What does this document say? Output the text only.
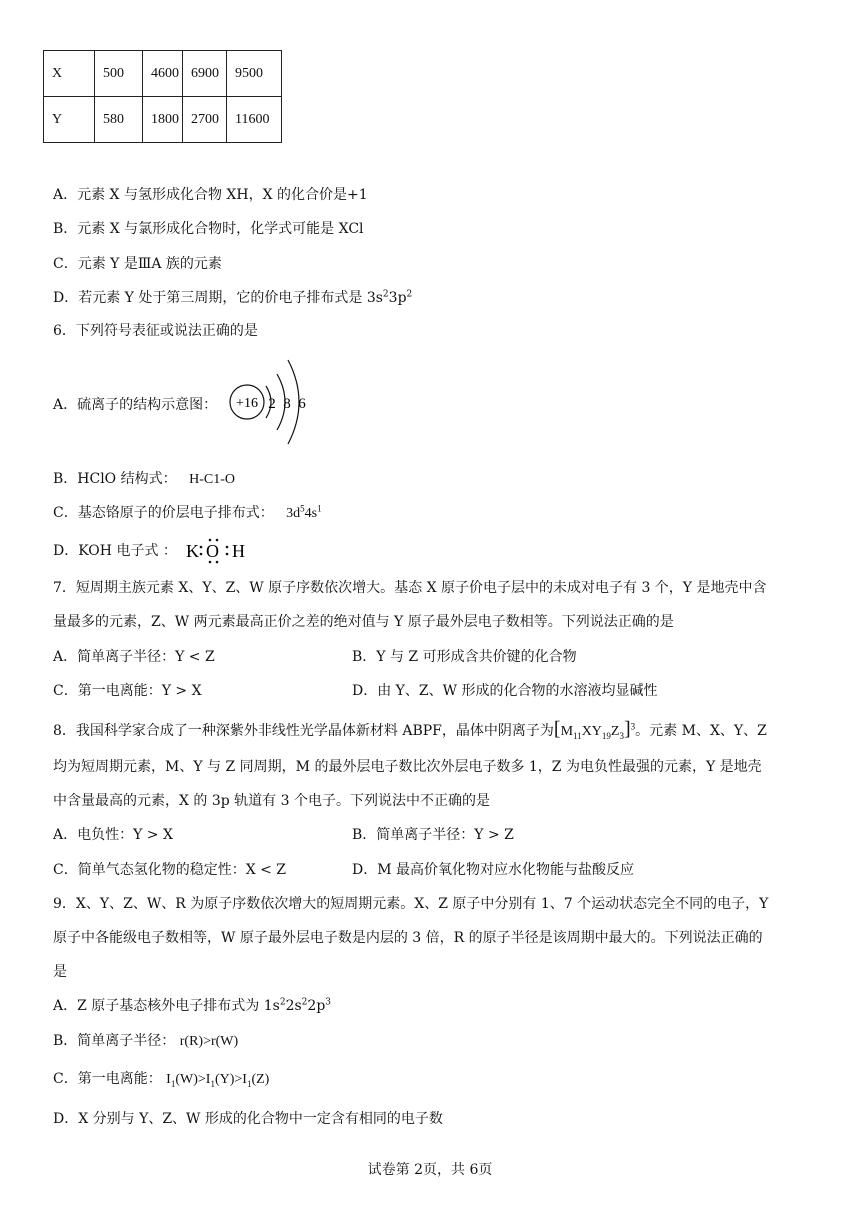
X	500	4600	6900	9500
Y	580	1800	2700	11600
A．元素 X 与氢形成化合物 XH，X 的化合价是+1
B．元素 X 与氯形成化合物时，化学式可能是 XCl
C．元素 Y 是ⅢA 族的元素
D．若元素 Y 处于第三周期，它的价电子排布式是 $3s^23p^2$
6．下列符号表征或说法正确的是
A．硫离子的结构示意图： +16 2 8 6
B．HClO 结构式： H-C1-O
C．基态铬原子的价层电子排布式： $3d^54s^1$
D．KOH 电子式 ： K O H
7．短周期主族元素 X、Y、Z、W 原子序数依次增大。基态 X 原子价电子层中的未成对电子有 3 个，Y 是地壳中含
量最多的元素，Z、W 两元素最高正价之差的绝对值与 Y 原子最外层电子数相等。下列说法正确的是
A．简单离子半径：Y < Z	B．Y 与 Z 可形成含共价键的化合物
C．第一电离能：Y > X	D．由 Y、Z、W 形成的化合物的水溶液均显碱性
8．我国科学家合成了一种深紫外非线性光学晶体新材料 ABPF，晶体中阴离子为$[M_{11}XY_{19}Z_3]^3$。元素 M、X、Y、Z
均为短周期元素，M、Y 与 Z 同周期，M 的最外层电子数比次外层电子数多 1，Z 为电负性最强的元素，Y 是地壳
中含量最高的元素，X 的 3p 轨道有 3 个电子。下列说法中不正确的是
A．电负性：Y > X	B．简单离子半径：Y > Z
C．简单气态氢化物的稳定性：X < Z	D．M 最高价氧化物对应水化物能与盐酸反应
9．X、Y、Z、W、R 为原子序数依次增大的短周期元素。X、Z 原子中分别有 1、7 个运动状态完全不同的电子，Y
原子中各能级电子数相等，W 原子最外层电子数是内层的 3 倍，R 的原子半径是该周期中最大的。下列说法正确的
是
A．Z 原子基态核外电子排布式为 $1s^22s^22p^3$
B．简单离子半径： r(R)>r(W)
C．第一电离能： $I_1(W)>I_1(Y)>I_1(Z)$
D．X 分别与 Y、Z、W 形成的化合物中一定含有相同的电子数
试卷第 2页，共 6页
